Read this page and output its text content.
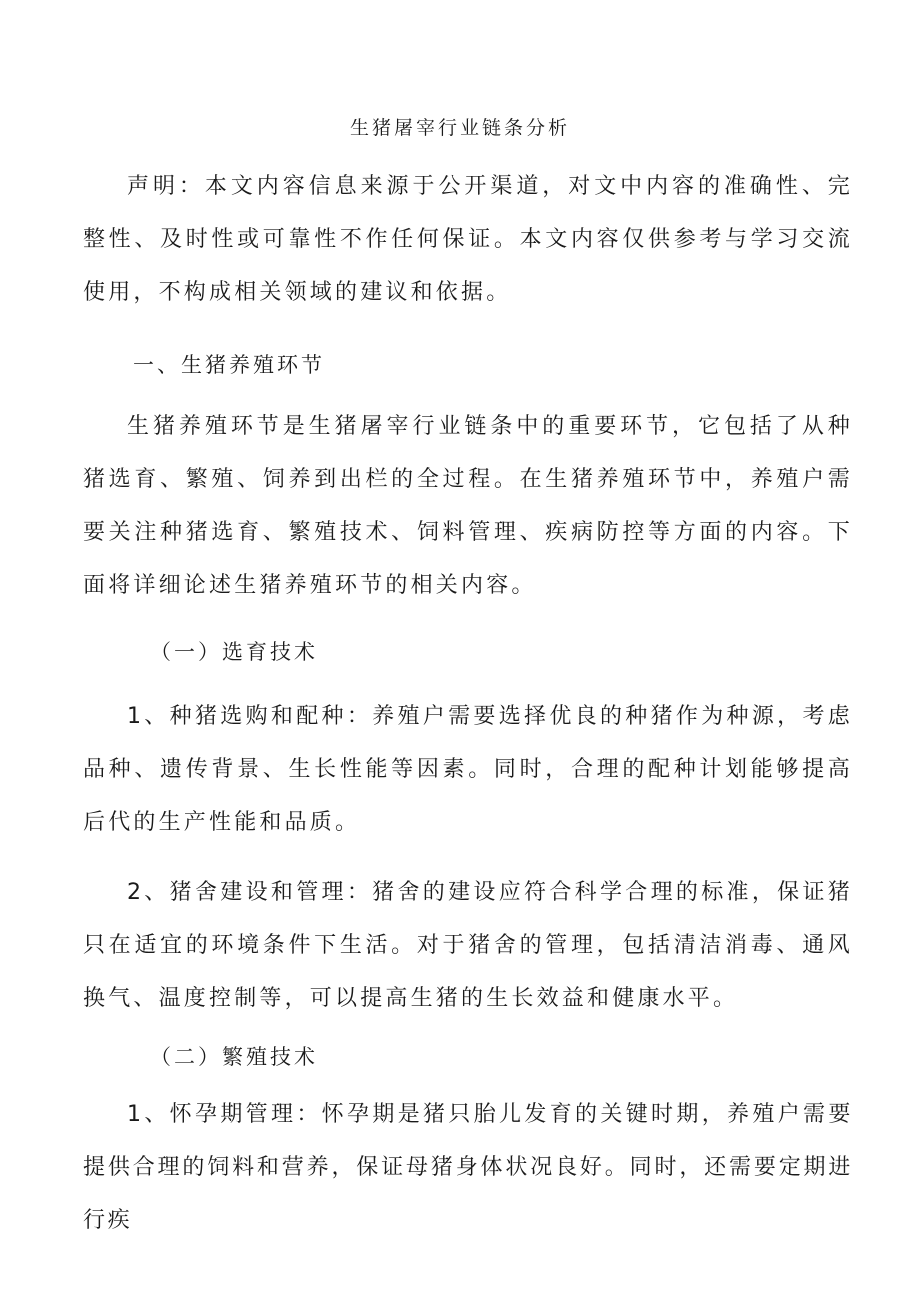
生猪屠宰行业链条分析

声明：本文内容信息来源于公开渠道，对文中内容的准确性、完整性、及时性或可靠性不作任何保证。本文内容仅供参考与学习交流使用，不构成相关领域的建议和依据。

一、生猪养殖环节

生猪养殖环节是生猪屠宰行业链条中的重要环节，它包括了从种猪选育、繁殖、饲养到出栏的全过程。在生猪养殖环节中，养殖户需要关注种猪选育、繁殖技术、饲料管理、疾病防控等方面的内容。下面将详细论述生猪养殖环节的相关内容。

（一）选育技术

1、种猪选购和配种：养殖户需要选择优良的种猪作为种源，考虑品种、遗传背景、生长性能等因素。同时，合理的配种计划能够提高后代的生产性能和品质。

2、猪舍建设和管理：猪舍的建设应符合科学合理的标准，保证猪只在适宜的环境条件下生活。对于猪舍的管理，包括清洁消毒、通风换气、温度控制等，可以提高生猪的生长效益和健康水平。

（二）繁殖技术

1、怀孕期管理：怀孕期是猪只胎儿发育的关键时期，养殖户需要提供合理的饲料和营养，保证母猪身体状况良好。同时，还需要定期进行疾
